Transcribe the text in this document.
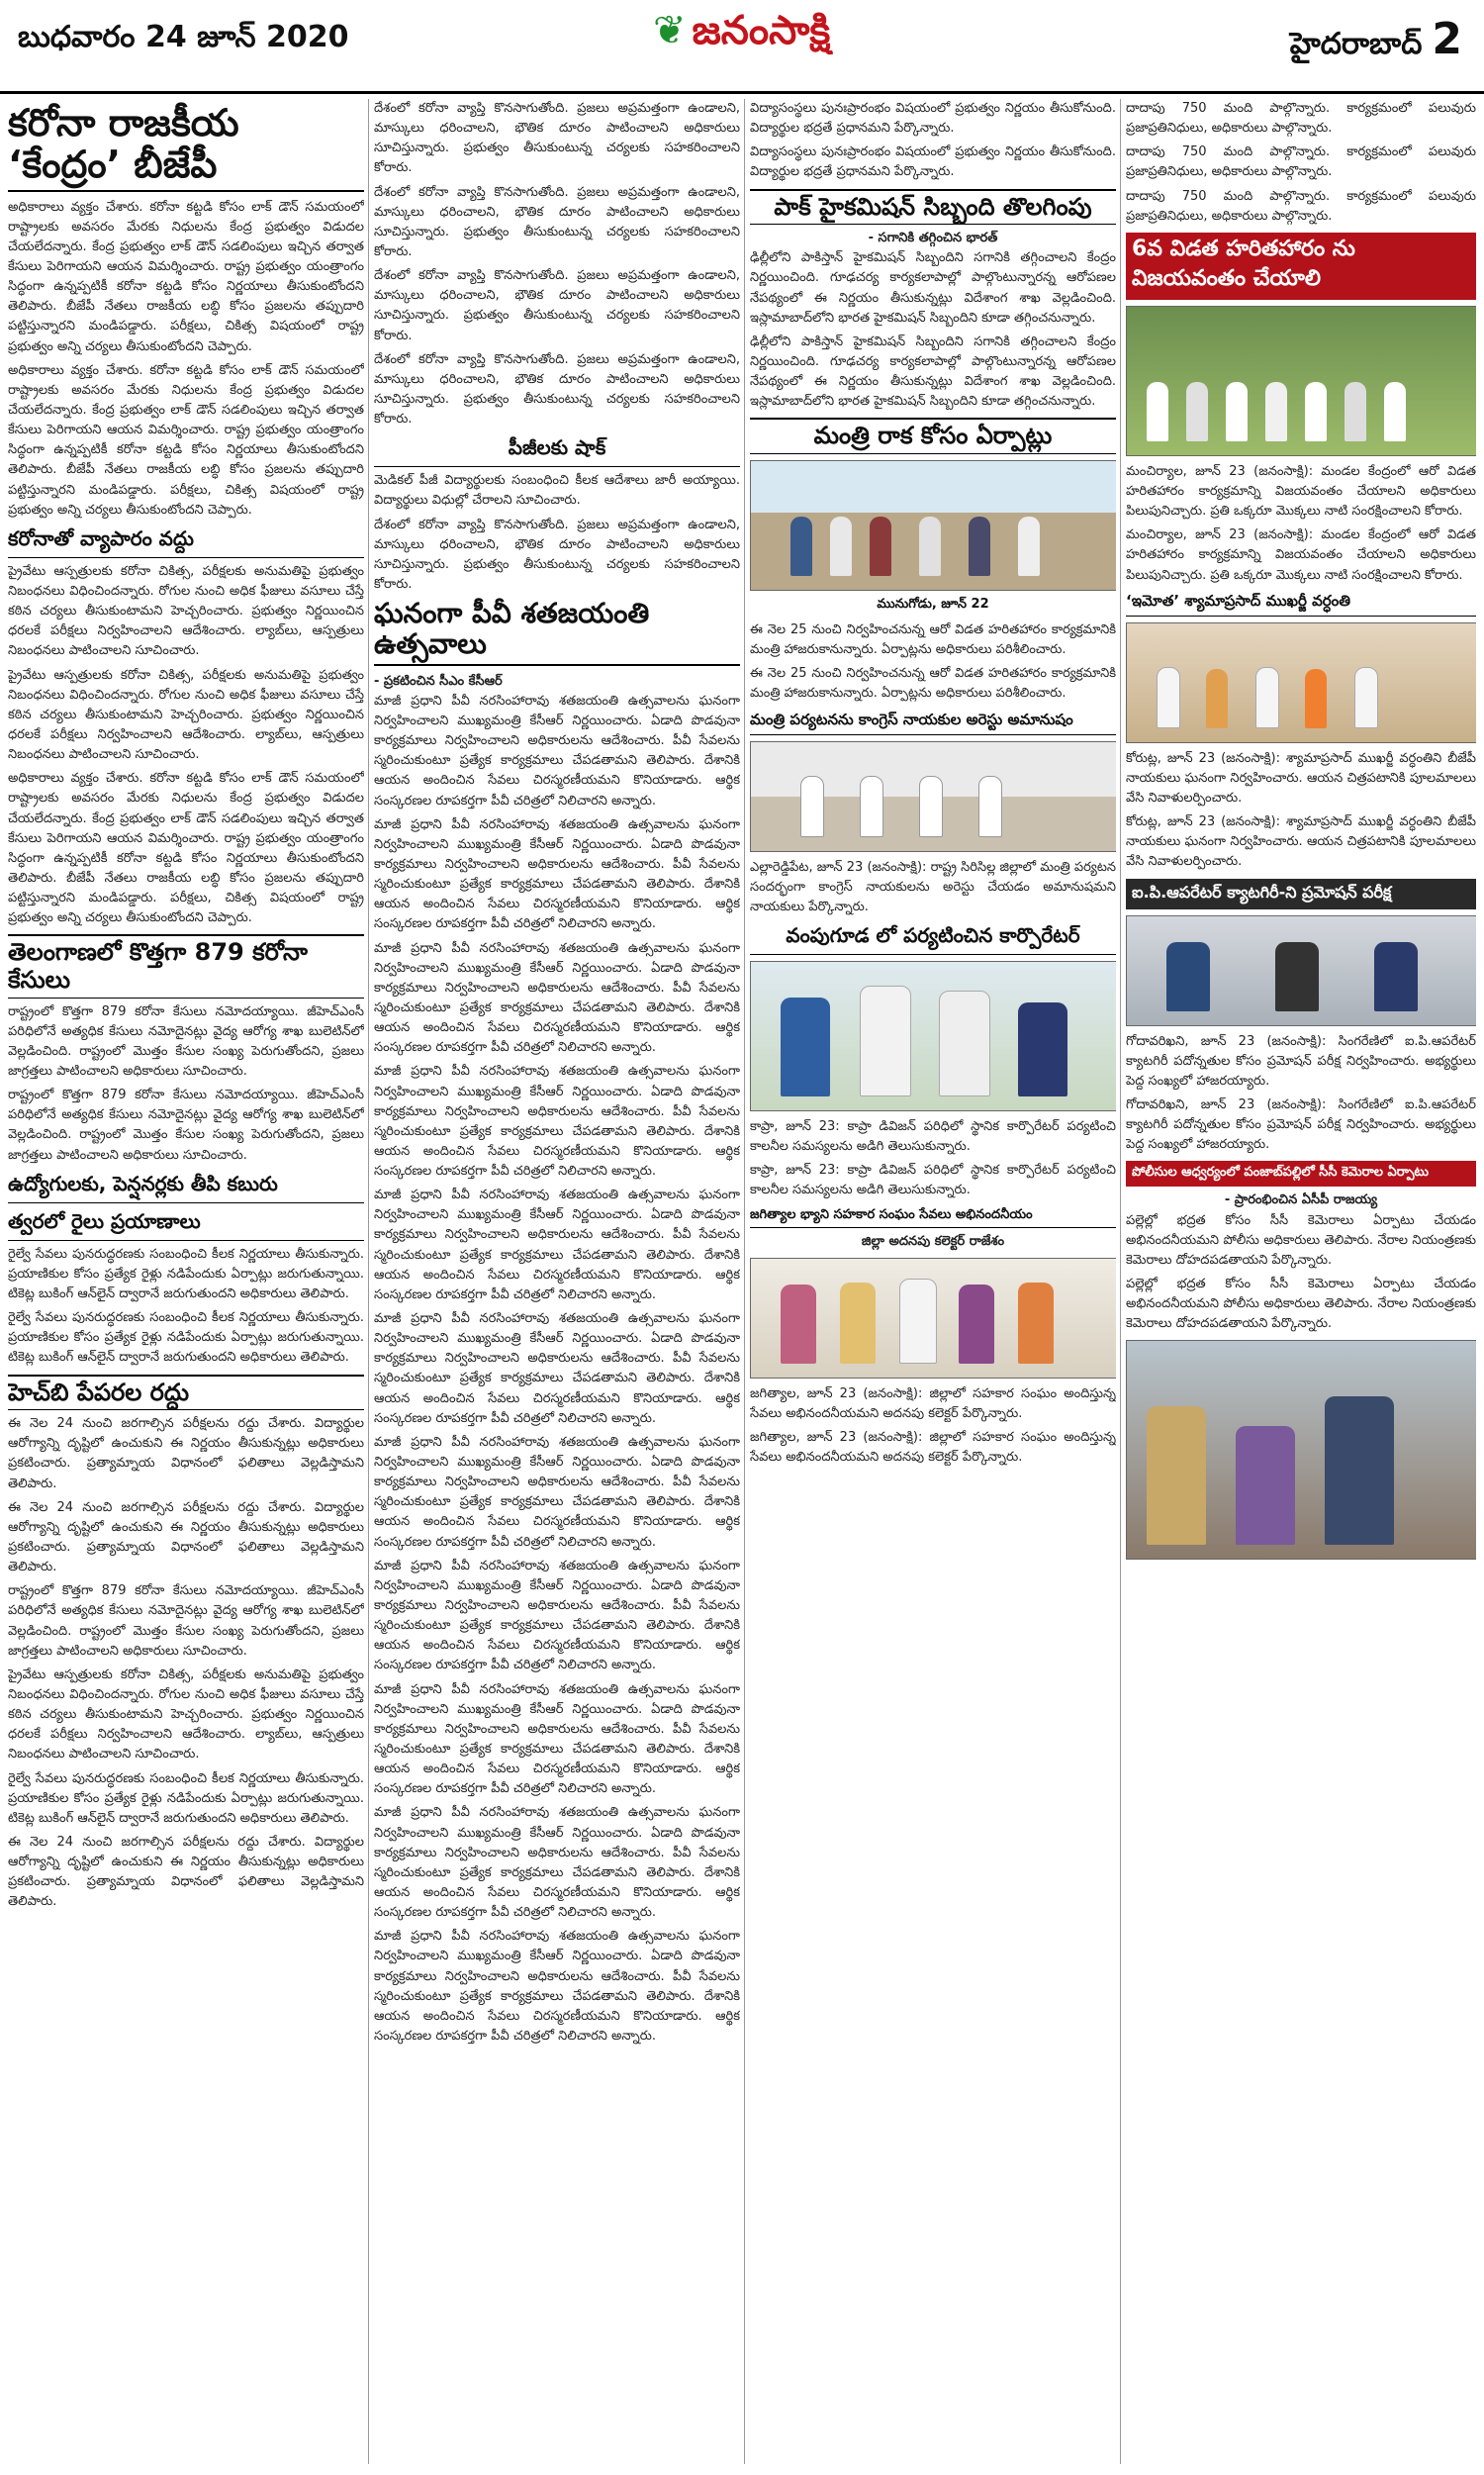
బుధవారం 24 జూన్ 2020	❦ జనంసాక్షి	హైదరాబాద్ 2
కరోనా రాజకీయ ‘కేంద్రం’ బీజేపీ
అధికారాలు వ్యక్తం చేశారు. కరోనా కట్టడి కోసం లాక్ డౌన్ సమయంలో రాష్ట్రాలకు అవసరం మేరకు నిధులను కేంద్ర ప్రభుత్వం విడుదల చేయలేదన్నారు. కేంద్ర ప్రభుత్వం లాక్ డౌన్ సడలింపులు ఇచ్చిన తర్వాత కేసులు పెరిగాయని ఆయన విమర్శించారు. రాష్ట్ర ప్రభుత్వం యంత్రాంగం సిద్ధంగా ఉన్నప్పటికీ కరోనా కట్టడి కోసం నిర్ణయాలు తీసుకుంటోందని తెలిపారు. బీజేపీ నేతలు రాజకీయ లబ్ధి కోసం ప్రజలను తప్పుదారి పట్టిస్తున్నారని మండిపడ్డారు. పరీక్షలు, చికిత్స విషయంలో రాష్ట్ర ప్రభుత్వం అన్ని చర్యలు తీసుకుంటోందని చెప్పారు.
అధికారాలు వ్యక్తం చేశారు. కరోనా కట్టడి కోసం లాక్ డౌన్ సమయంలో రాష్ట్రాలకు అవసరం మేరకు నిధులను కేంద్ర ప్రభుత్వం విడుదల చేయలేదన్నారు. కేంద్ర ప్రభుత్వం లాక్ డౌన్ సడలింపులు ఇచ్చిన తర్వాత కేసులు పెరిగాయని ఆయన విమర్శించారు. రాష్ట్ర ప్రభుత్వం యంత్రాంగం సిద్ధంగా ఉన్నప్పటికీ కరోనా కట్టడి కోసం నిర్ణయాలు తీసుకుంటోందని తెలిపారు. బీజేపీ నేతలు రాజకీయ లబ్ధి కోసం ప్రజలను తప్పుదారి పట్టిస్తున్నారని మండిపడ్డారు. పరీక్షలు, చికిత్స విషయంలో రాష్ట్ర ప్రభుత్వం అన్ని చర్యలు తీసుకుంటోందని చెప్పారు.
కరోనాతో వ్యాపారం వద్దు
ప్రైవేటు ఆస్పత్రులకు కరోనా చికిత్స, పరీక్షలకు అనుమతిపై ప్రభుత్వం నిబంధనలు విధించిందన్నారు. రోగుల నుంచి అధిక ఫీజులు వసూలు చేస్తే కఠిన చర్యలు తీసుకుంటామని హెచ్చరించారు. ప్రభుత్వం నిర్ణయించిన ధరలకే పరీక్షలు నిర్వహించాలని ఆదేశించారు. ల్యాబ్‌లు, ఆస్పత్రులు నిబంధనలు పాటించాలని సూచించారు.
ప్రైవేటు ఆస్పత్రులకు కరోనా చికిత్స, పరీక్షలకు అనుమతిపై ప్రభుత్వం నిబంధనలు విధించిందన్నారు. రోగుల నుంచి అధిక ఫీజులు వసూలు చేస్తే కఠిన చర్యలు తీసుకుంటామని హెచ్చరించారు. ప్రభుత్వం నిర్ణయించిన ధరలకే పరీక్షలు నిర్వహించాలని ఆదేశించారు. ల్యాబ్‌లు, ఆస్పత్రులు నిబంధనలు పాటించాలని సూచించారు.
అధికారాలు వ్యక్తం చేశారు. కరోనా కట్టడి కోసం లాక్ డౌన్ సమయంలో రాష్ట్రాలకు అవసరం మేరకు నిధులను కేంద్ర ప్రభుత్వం విడుదల చేయలేదన్నారు. కేంద్ర ప్రభుత్వం లాక్ డౌన్ సడలింపులు ఇచ్చిన తర్వాత కేసులు పెరిగాయని ఆయన విమర్శించారు. రాష్ట్ర ప్రభుత్వం యంత్రాంగం సిద్ధంగా ఉన్నప్పటికీ కరోనా కట్టడి కోసం నిర్ణయాలు తీసుకుంటోందని తెలిపారు. బీజేపీ నేతలు రాజకీయ లబ్ధి కోసం ప్రజలను తప్పుదారి పట్టిస్తున్నారని మండిపడ్డారు. పరీక్షలు, చికిత్స విషయంలో రాష్ట్ర ప్రభుత్వం అన్ని చర్యలు తీసుకుంటోందని చెప్పారు.
తెలంగాణలో కొత్తగా 879 కరోనా కేసులు
రాష్ట్రంలో కొత్తగా 879 కరోనా కేసులు నమోదయ్యాయి. జీహెచ్ఎంసీ పరిధిలోనే అత్యధిక కేసులు నమోదైనట్లు వైద్య ఆరోగ్య శాఖ బులెటిన్‌లో వెల్లడించింది. రాష్ట్రంలో మొత్తం కేసుల సంఖ్య పెరుగుతోందని, ప్రజలు జాగ్రత్తలు పాటించాలని అధికారులు సూచించారు.
రాష్ట్రంలో కొత్తగా 879 కరోనా కేసులు నమోదయ్యాయి. జీహెచ్ఎంసీ పరిధిలోనే అత్యధిక కేసులు నమోదైనట్లు వైద్య ఆరోగ్య శాఖ బులెటిన్‌లో వెల్లడించింది. రాష్ట్రంలో మొత్తం కేసుల సంఖ్య పెరుగుతోందని, ప్రజలు జాగ్రత్తలు పాటించాలని అధికారులు సూచించారు.
ఉద్యోగులకు, పెన్షనర్లకు తీపి కబురు
త్వరలో రైలు ప్రయాణాలు
రైల్వే సేవలు పునరుద్ధరణకు సంబంధించి కీలక నిర్ణయాలు తీసుకున్నారు. ప్రయాణికుల కోసం ప్రత్యేక రైళ్లు నడిపేందుకు ఏర్పాట్లు జరుగుతున్నాయి. టికెట్ల బుకింగ్ ఆన్‌లైన్ ద్వారానే జరుగుతుందని అధికారులు తెలిపారు.
రైల్వే సేవలు పునరుద్ధరణకు సంబంధించి కీలక నిర్ణయాలు తీసుకున్నారు. ప్రయాణికుల కోసం ప్రత్యేక రైళ్లు నడిపేందుకు ఏర్పాట్లు జరుగుతున్నాయి. టికెట్ల బుకింగ్ ఆన్‌లైన్ ద్వారానే జరుగుతుందని అధికారులు తెలిపారు.
హెచ్‌బి పేపరల రద్దు
ఈ నెల 24 నుంచి జరగాల్సిన పరీక్షలను రద్దు చేశారు. విద్యార్థుల ఆరోగ్యాన్ని దృష్టిలో ఉంచుకుని ఈ నిర్ణయం తీసుకున్నట్లు అధికారులు ప్రకటించారు. ప్రత్యామ్నాయ విధానంలో ఫలితాలు వెల్లడిస్తామని తెలిపారు.
ఈ నెల 24 నుంచి జరగాల్సిన పరీక్షలను రద్దు చేశారు. విద్యార్థుల ఆరోగ్యాన్ని దృష్టిలో ఉంచుకుని ఈ నిర్ణయం తీసుకున్నట్లు అధికారులు ప్రకటించారు. ప్రత్యామ్నాయ విధానంలో ఫలితాలు వెల్లడిస్తామని తెలిపారు.
రాష్ట్రంలో కొత్తగా 879 కరోనా కేసులు నమోదయ్యాయి. జీహెచ్ఎంసీ పరిధిలోనే అత్యధిక కేసులు నమోదైనట్లు వైద్య ఆరోగ్య శాఖ బులెటిన్‌లో వెల్లడించింది. రాష్ట్రంలో మొత్తం కేసుల సంఖ్య పెరుగుతోందని, ప్రజలు జాగ్రత్తలు పాటించాలని అధికారులు సూచించారు.
ప్రైవేటు ఆస్పత్రులకు కరోనా చికిత్స, పరీక్షలకు అనుమతిపై ప్రభుత్వం నిబంధనలు విధించిందన్నారు. రోగుల నుంచి అధిక ఫీజులు వసూలు చేస్తే కఠిన చర్యలు తీసుకుంటామని హెచ్చరించారు. ప్రభుత్వం నిర్ణయించిన ధరలకే పరీక్షలు నిర్వహించాలని ఆదేశించారు. ల్యాబ్‌లు, ఆస్పత్రులు నిబంధనలు పాటించాలని సూచించారు.
రైల్వే సేవలు పునరుద్ధరణకు సంబంధించి కీలక నిర్ణయాలు తీసుకున్నారు. ప్రయాణికుల కోసం ప్రత్యేక రైళ్లు నడిపేందుకు ఏర్పాట్లు జరుగుతున్నాయి. టికెట్ల బుకింగ్ ఆన్‌లైన్ ద్వారానే జరుగుతుందని అధికారులు తెలిపారు.
ఈ నెల 24 నుంచి జరగాల్సిన పరీక్షలను రద్దు చేశారు. విద్యార్థుల ఆరోగ్యాన్ని దృష్టిలో ఉంచుకుని ఈ నిర్ణయం తీసుకున్నట్లు అధికారులు ప్రకటించారు. ప్రత్యామ్నాయ విధానంలో ఫలితాలు వెల్లడిస్తామని తెలిపారు.
దేశంలో కరోనా వ్యాప్తి కొనసాగుతోంది. ప్రజలు అప్రమత్తంగా ఉండాలని, మాస్కులు ధరించాలని, భౌతిక దూరం పాటించాలని అధికారులు సూచిస్తున్నారు. ప్రభుత్వం తీసుకుంటున్న చర్యలకు సహకరించాలని కోరారు.
దేశంలో కరోనా వ్యాప్తి కొనసాగుతోంది. ప్రజలు అప్రమత్తంగా ఉండాలని, మాస్కులు ధరించాలని, భౌతిక దూరం పాటించాలని అధికారులు సూచిస్తున్నారు. ప్రభుత్వం తీసుకుంటున్న చర్యలకు సహకరించాలని కోరారు.
దేశంలో కరోనా వ్యాప్తి కొనసాగుతోంది. ప్రజలు అప్రమత్తంగా ఉండాలని, మాస్కులు ధరించాలని, భౌతిక దూరం పాటించాలని అధికారులు సూచిస్తున్నారు. ప్రభుత్వం తీసుకుంటున్న చర్యలకు సహకరించాలని కోరారు.
దేశంలో కరోనా వ్యాప్తి కొనసాగుతోంది. ప్రజలు అప్రమత్తంగా ఉండాలని, మాస్కులు ధరించాలని, భౌతిక దూరం పాటించాలని అధికారులు సూచిస్తున్నారు. ప్రభుత్వం తీసుకుంటున్న చర్యలకు సహకరించాలని కోరారు.
పీజీలకు షాక్
మెడికల్ పీజీ విద్యార్థులకు సంబంధించి కీలక ఆదేశాలు జారీ అయ్యాయి. విద్యార్థులు విధుల్లో చేరాలని సూచించారు.
దేశంలో కరోనా వ్యాప్తి కొనసాగుతోంది. ప్రజలు అప్రమత్తంగా ఉండాలని, మాస్కులు ధరించాలని, భౌతిక దూరం పాటించాలని అధికారులు సూచిస్తున్నారు. ప్రభుత్వం తీసుకుంటున్న చర్యలకు సహకరించాలని కోరారు.
ఘనంగా పీవీ శతజయంతి ఉత్సవాలు
- ప్రకటించిన సీఎం కేసీఆర్
మాజీ ప్రధాని పీవీ నరసింహారావు శతజయంతి ఉత్సవాలను ఘనంగా నిర్వహించాలని ముఖ్యమంత్రి కేసీఆర్ నిర్ణయించారు. ఏడాది పొడవునా కార్యక్రమాలు నిర్వహించాలని అధికారులను ఆదేశించారు. పీవీ సేవలను స్మరించుకుంటూ ప్రత్యేక కార్యక్రమాలు చేపడతామని తెలిపారు. దేశానికి ఆయన అందించిన సేవలు చిరస్మరణీయమని కొనియాడారు. ఆర్థిక సంస్కరణల రూపకర్తగా పీవీ చరిత్రలో నిలిచారని అన్నారు.
మాజీ ప్రధాని పీవీ నరసింహారావు శతజయంతి ఉత్సవాలను ఘనంగా నిర్వహించాలని ముఖ్యమంత్రి కేసీఆర్ నిర్ణయించారు. ఏడాది పొడవునా కార్యక్రమాలు నిర్వహించాలని అధికారులను ఆదేశించారు. పీవీ సేవలను స్మరించుకుంటూ ప్రత్యేక కార్యక్రమాలు చేపడతామని తెలిపారు. దేశానికి ఆయన అందించిన సేవలు చిరస్మరణీయమని కొనియాడారు. ఆర్థిక సంస్కరణల రూపకర్తగా పీవీ చరిత్రలో నిలిచారని అన్నారు.
మాజీ ప్రధాని పీవీ నరసింహారావు శతజయంతి ఉత్సవాలను ఘనంగా నిర్వహించాలని ముఖ్యమంత్రి కేసీఆర్ నిర్ణయించారు. ఏడాది పొడవునా కార్యక్రమాలు నిర్వహించాలని అధికారులను ఆదేశించారు. పీవీ సేవలను స్మరించుకుంటూ ప్రత్యేక కార్యక్రమాలు చేపడతామని తెలిపారు. దేశానికి ఆయన అందించిన సేవలు చిరస్మరణీయమని కొనియాడారు. ఆర్థిక సంస్కరణల రూపకర్తగా పీవీ చరిత్రలో నిలిచారని అన్నారు.
మాజీ ప్రధాని పీవీ నరసింహారావు శతజయంతి ఉత్సవాలను ఘనంగా నిర్వహించాలని ముఖ్యమంత్రి కేసీఆర్ నిర్ణయించారు. ఏడాది పొడవునా కార్యక్రమాలు నిర్వహించాలని అధికారులను ఆదేశించారు. పీవీ సేవలను స్మరించుకుంటూ ప్రత్యేక కార్యక్రమాలు చేపడతామని తెలిపారు. దేశానికి ఆయన అందించిన సేవలు చిరస్మరణీయమని కొనియాడారు. ఆర్థిక సంస్కరణల రూపకర్తగా పీవీ చరిత్రలో నిలిచారని అన్నారు.
మాజీ ప్రధాని పీవీ నరసింహారావు శతజయంతి ఉత్సవాలను ఘనంగా నిర్వహించాలని ముఖ్యమంత్రి కేసీఆర్ నిర్ణయించారు. ఏడాది పొడవునా కార్యక్రమాలు నిర్వహించాలని అధికారులను ఆదేశించారు. పీవీ సేవలను స్మరించుకుంటూ ప్రత్యేక కార్యక్రమాలు చేపడతామని తెలిపారు. దేశానికి ఆయన అందించిన సేవలు చిరస్మరణీయమని కొనియాడారు. ఆర్థిక సంస్కరణల రూపకర్తగా పీవీ చరిత్రలో నిలిచారని అన్నారు.
మాజీ ప్రధాని పీవీ నరసింహారావు శతజయంతి ఉత్సవాలను ఘనంగా నిర్వహించాలని ముఖ్యమంత్రి కేసీఆర్ నిర్ణయించారు. ఏడాది పొడవునా కార్యక్రమాలు నిర్వహించాలని అధికారులను ఆదేశించారు. పీవీ సేవలను స్మరించుకుంటూ ప్రత్యేక కార్యక్రమాలు చేపడతామని తెలిపారు. దేశానికి ఆయన అందించిన సేవలు చిరస్మరణీయమని కొనియాడారు. ఆర్థిక సంస్కరణల రూపకర్తగా పీవీ చరిత్రలో నిలిచారని అన్నారు.
మాజీ ప్రధాని పీవీ నరసింహారావు శతజయంతి ఉత్సవాలను ఘనంగా నిర్వహించాలని ముఖ్యమంత్రి కేసీఆర్ నిర్ణయించారు. ఏడాది పొడవునా కార్యక్రమాలు నిర్వహించాలని అధికారులను ఆదేశించారు. పీవీ సేవలను స్మరించుకుంటూ ప్రత్యేక కార్యక్రమాలు చేపడతామని తెలిపారు. దేశానికి ఆయన అందించిన సేవలు చిరస్మరణీయమని కొనియాడారు. ఆర్థిక సంస్కరణల రూపకర్తగా పీవీ చరిత్రలో నిలిచారని అన్నారు.
మాజీ ప్రధాని పీవీ నరసింహారావు శతజయంతి ఉత్సవాలను ఘనంగా నిర్వహించాలని ముఖ్యమంత్రి కేసీఆర్ నిర్ణయించారు. ఏడాది పొడవునా కార్యక్రమాలు నిర్వహించాలని అధికారులను ఆదేశించారు. పీవీ సేవలను స్మరించుకుంటూ ప్రత్యేక కార్యక్రమాలు చేపడతామని తెలిపారు. దేశానికి ఆయన అందించిన సేవలు చిరస్మరణీయమని కొనియాడారు. ఆర్థిక సంస్కరణల రూపకర్తగా పీవీ చరిత్రలో నిలిచారని అన్నారు.
మాజీ ప్రధాని పీవీ నరసింహారావు శతజయంతి ఉత్సవాలను ఘనంగా నిర్వహించాలని ముఖ్యమంత్రి కేసీఆర్ నిర్ణయించారు. ఏడాది పొడవునా కార్యక్రమాలు నిర్వహించాలని అధికారులను ఆదేశించారు. పీవీ సేవలను స్మరించుకుంటూ ప్రత్యేక కార్యక్రమాలు చేపడతామని తెలిపారు. దేశానికి ఆయన అందించిన సేవలు చిరస్మరణీయమని కొనియాడారు. ఆర్థిక సంస్కరణల రూపకర్తగా పీవీ చరిత్రలో నిలిచారని అన్నారు.
మాజీ ప్రధాని పీవీ నరసింహారావు శతజయంతి ఉత్సవాలను ఘనంగా నిర్వహించాలని ముఖ్యమంత్రి కేసీఆర్ నిర్ణయించారు. ఏడాది పొడవునా కార్యక్రమాలు నిర్వహించాలని అధికారులను ఆదేశించారు. పీవీ సేవలను స్మరించుకుంటూ ప్రత్యేక కార్యక్రమాలు చేపడతామని తెలిపారు. దేశానికి ఆయన అందించిన సేవలు చిరస్మరణీయమని కొనియాడారు. ఆర్థిక సంస్కరణల రూపకర్తగా పీవీ చరిత్రలో నిలిచారని అన్నారు.
మాజీ ప్రధాని పీవీ నరసింహారావు శతజయంతి ఉత్సవాలను ఘనంగా నిర్వహించాలని ముఖ్యమంత్రి కేసీఆర్ నిర్ణయించారు. ఏడాది పొడవునా కార్యక్రమాలు నిర్వహించాలని అధికారులను ఆదేశించారు. పీవీ సేవలను స్మరించుకుంటూ ప్రత్యేక కార్యక్రమాలు చేపడతామని తెలిపారు. దేశానికి ఆయన అందించిన సేవలు చిరస్మరణీయమని కొనియాడారు. ఆర్థిక సంస్కరణల రూపకర్తగా పీవీ చరిత్రలో నిలిచారని అన్నారు.
విద్యాసంస్థలు పునఃప్రారంభం విషయంలో ప్రభుత్వం నిర్ణయం తీసుకోనుంది. విద్యార్థుల భద్రతే ప్రధానమని పేర్కొన్నారు.
విద్యాసంస్థలు పునఃప్రారంభం విషయంలో ప్రభుత్వం నిర్ణయం తీసుకోనుంది. విద్యార్థుల భద్రతే ప్రధానమని పేర్కొన్నారు.
పాక్ హైకమిషన్ సిబ్బంది తొలగింపు
- సగానికి తగ్గించిన భారత్
ఢిల్లీలోని పాకిస్తాన్ హైకమిషన్ సిబ్బందిని సగానికి తగ్గించాలని కేంద్రం నిర్ణయించింది. గూఢచర్య కార్యకలాపాల్లో పాల్గొంటున్నారన్న ఆరోపణల నేపథ్యంలో ఈ నిర్ణయం తీసుకున్నట్లు విదేశాంగ శాఖ వెల్లడించింది. ఇస్లామాబాద్‌లోని భారత హైకమిషన్ సిబ్బందిని కూడా తగ్గించనున్నారు.
ఢిల్లీలోని పాకిస్తాన్ హైకమిషన్ సిబ్బందిని సగానికి తగ్గించాలని కేంద్రం నిర్ణయించింది. గూఢచర్య కార్యకలాపాల్లో పాల్గొంటున్నారన్న ఆరోపణల నేపథ్యంలో ఈ నిర్ణయం తీసుకున్నట్లు విదేశాంగ శాఖ వెల్లడించింది. ఇస్లామాబాద్‌లోని భారత హైకమిషన్ సిబ్బందిని కూడా తగ్గించనున్నారు.
మంత్రి రాక కోసం ఏర్పాట్లు
మునుగోడు, జూన్ 22
ఈ నెల 25 నుంచి నిర్వహించనున్న ఆరో విడత హరితహారం కార్యక్రమానికి మంత్రి హాజరుకానున్నారు. ఏర్పాట్లను అధికారులు పరిశీలించారు.
ఈ నెల 25 నుంచి నిర్వహించనున్న ఆరో విడత హరితహారం కార్యక్రమానికి మంత్రి హాజరుకానున్నారు. ఏర్పాట్లను అధికారులు పరిశీలించారు.
మంత్రి పర్యటనను కాంగ్రెస్ నాయకుల అరెస్టు అమానుషం
ఎల్లారెడ్డిపేట, జూన్ 23 (జనంసాక్షి): రాష్ట్ర సిరిసిల్ల జిల్లాలో మంత్రి పర్యటన సందర్భంగా కాంగ్రెస్ నాయకులను అరెస్టు చేయడం అమానుషమని నాయకులు పేర్కొన్నారు.
వంపుగూడ లో పర్యటించిన కార్పొరేటర్
కాప్రా, జూన్ 23: కాప్రా డివిజన్ పరిధిలో స్థానిక కార్పొరేటర్ పర్యటించి కాలనీల సమస్యలను అడిగి తెలుసుకున్నారు.
కాప్రా, జూన్ 23: కాప్రా డివిజన్ పరిధిలో స్థానిక కార్పొరేటర్ పర్యటించి కాలనీల సమస్యలను అడిగి తెలుసుకున్నారు.
జగిత్యాల భ్యాని సహకార సంఘం సేవలు అభినందనీయం
జిల్లా అదనపు కలెక్టర్ రాజేశం
జగిత్యాల, జూన్ 23 (జనంసాక్షి): జిల్లాలో సహకార సంఘం అందిస్తున్న సేవలు అభినందనీయమని అదనపు కలెక్టర్ పేర్కొన్నారు.
జగిత్యాల, జూన్ 23 (జనంసాక్షి): జిల్లాలో సహకార సంఘం అందిస్తున్న సేవలు అభినందనీయమని అదనపు కలెక్టర్ పేర్కొన్నారు.
దాదాపు 750 మంది పాల్గొన్నారు. కార్యక్రమంలో పలువురు ప్రజాప్రతినిధులు, అధికారులు పాల్గొన్నారు.
దాదాపు 750 మంది పాల్గొన్నారు. కార్యక్రమంలో పలువురు ప్రజాప్రతినిధులు, అధికారులు పాల్గొన్నారు.
దాదాపు 750 మంది పాల్గొన్నారు. కార్యక్రమంలో పలువురు ప్రజాప్రతినిధులు, అధికారులు పాల్గొన్నారు.
6వ విడత హరితహారం ను విజయవంతం చేయాలి
మంచిర్యాల, జూన్ 23 (జనంసాక్షి): మండల కేంద్రంలో ఆరో విడత హరితహారం కార్యక్రమాన్ని విజయవంతం చేయాలని అధికారులు పిలుపునిచ్చారు. ప్రతి ఒక్కరూ మొక్కలు నాటి సంరక్షించాలని కోరారు.
మంచిర్యాల, జూన్ 23 (జనంసాక్షి): మండల కేంద్రంలో ఆరో విడత హరితహారం కార్యక్రమాన్ని విజయవంతం చేయాలని అధికారులు పిలుపునిచ్చారు. ప్రతి ఒక్కరూ మొక్కలు నాటి సంరక్షించాలని కోరారు.
‘ఇమోత’ శ్యామాప్రసాద్ ముఖర్జీ వర్ధంతి
కోరుట్ల, జూన్ 23 (జనంసాక్షి): శ్యామాప్రసాద్ ముఖర్జీ వర్ధంతిని బీజేపీ నాయకులు ఘనంగా నిర్వహించారు. ఆయన చిత్రపటానికి పూలమాలలు వేసి నివాళులర్పించారు.
కోరుట్ల, జూన్ 23 (జనంసాక్షి): శ్యామాప్రసాద్ ముఖర్జీ వర్ధంతిని బీజేపీ నాయకులు ఘనంగా నిర్వహించారు. ఆయన చిత్రపటానికి పూలమాలలు వేసి నివాళులర్పించారు.
ఐ.పి.ఆపరేటర్ క్యాటగిరీ-ని ప్రమోషన్ పరీక్ష
గోదావరిఖని, జూన్ 23 (జనంసాక్షి): సింగరేణిలో ఐ.పి.ఆపరేటర్ క్యాటగిరీ పదోన్నతుల కోసం ప్రమోషన్ పరీక్ష నిర్వహించారు. అభ్యర్థులు పెద్ద సంఖ్యలో హాజరయ్యారు.
గోదావరిఖని, జూన్ 23 (జనంసాక్షి): సింగరేణిలో ఐ.పి.ఆపరేటర్ క్యాటగిరీ పదోన్నతుల కోసం ప్రమోషన్ పరీక్ష నిర్వహించారు. అభ్యర్థులు పెద్ద సంఖ్యలో హాజరయ్యారు.
పోలీసుల ఆధ్వర్యంలో పంజాబ్‌పల్లిలో సీసీ కెమెరాల ఏర్పాటు
- ప్రారంభించిన ఏసీపీ రాజయ్య
పల్లెల్లో భద్రత కోసం సీసీ కెమెరాలు ఏర్పాటు చేయడం అభినందనీయమని పోలీసు అధికారులు తెలిపారు. నేరాల నియంత్రణకు కెమెరాలు దోహదపడతాయని పేర్కొన్నారు.
పల్లెల్లో భద్రత కోసం సీసీ కెమెరాలు ఏర్పాటు చేయడం అభినందనీయమని పోలీసు అధికారులు తెలిపారు. నేరాల నియంత్రణకు కెమెరాలు దోహదపడతాయని పేర్కొన్నారు.
